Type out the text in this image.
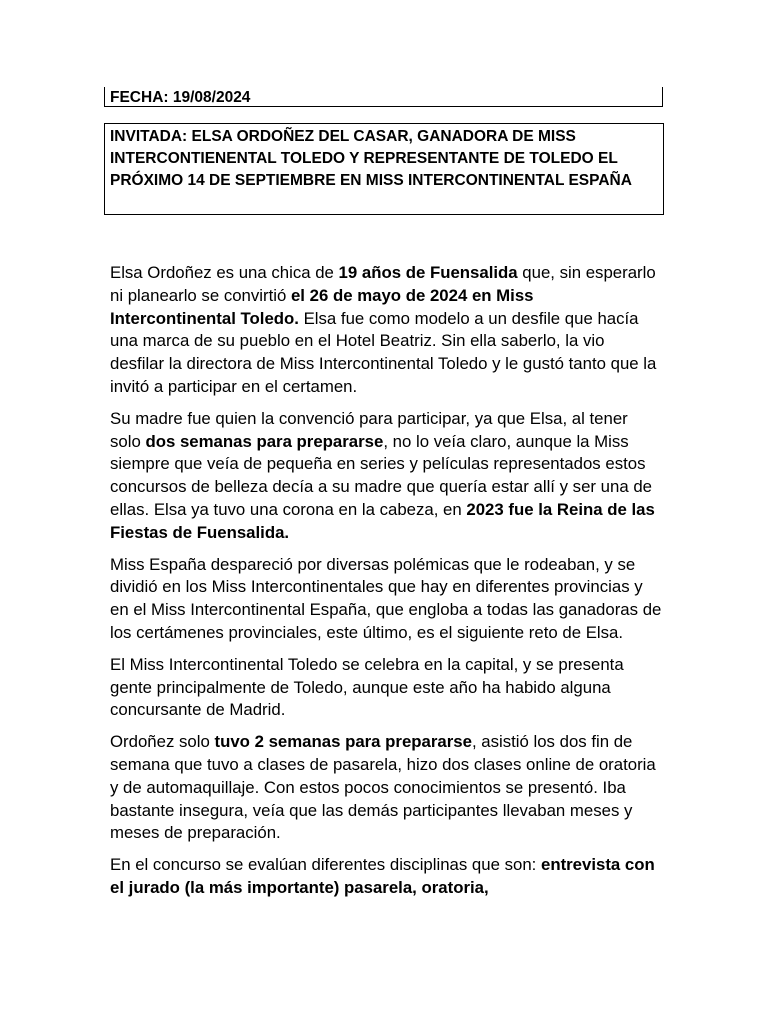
FECHA: 19/08/2024
INVITADA: ELSA ORDOÑEZ DEL CASAR, GANADORA DE MISS INTERCONTIENENTAL TOLEDO Y REPRESENTANTE DE TOLEDO EL PRÓXIMO 14 DE SEPTIEMBRE EN MISS INTERCONTINENTAL ESPAÑA

Elsa Ordoñez es una chica de 19 años de Fuensalida que, sin esperarlo ni planearlo se convirtió el 26 de mayo de 2024 en Miss Intercontinental Toledo. Elsa fue como modelo a un desfile que hacía una marca de su pueblo en el Hotel Beatriz. Sin ella saberlo, la vio desfilar la directora de Miss Intercontinental Toledo y le gustó tanto que la invitó a participar en el certamen.

Su madre fue quien la convenció para participar, ya que Elsa, al tener solo dos semanas para prepararse, no lo veía claro, aunque la Miss siempre que veía de pequeña en series y películas representados estos concursos de belleza decía a su madre que quería estar allí y ser una de ellas. Elsa ya tuvo una corona en la cabeza, en 2023 fue la Reina de las Fiestas de Fuensalida.

Miss España despareció por diversas polémicas que le rodeaban, y se dividió en los Miss Intercontinentales que hay en diferentes provincias y en el Miss Intercontinental España, que engloba a todas las ganadoras de los certámenes provinciales, este último, es el siguiente reto de Elsa.

El Miss Intercontinental Toledo se celebra en la capital, y se presenta gente principalmente de Toledo, aunque este año ha habido alguna concursante de Madrid.

Ordoñez solo tuvo 2 semanas para prepararse, asistió los dos fin de semana que tuvo a clases de pasarela, hizo dos clases online de oratoria y de automaquillaje. Con estos pocos conocimientos se presentó. Iba bastante insegura, veía que las demás participantes llevaban meses y meses de preparación.

En el concurso se evalúan diferentes disciplinas que son: entrevista con el jurado (la más importante) pasarela, oratoria,
